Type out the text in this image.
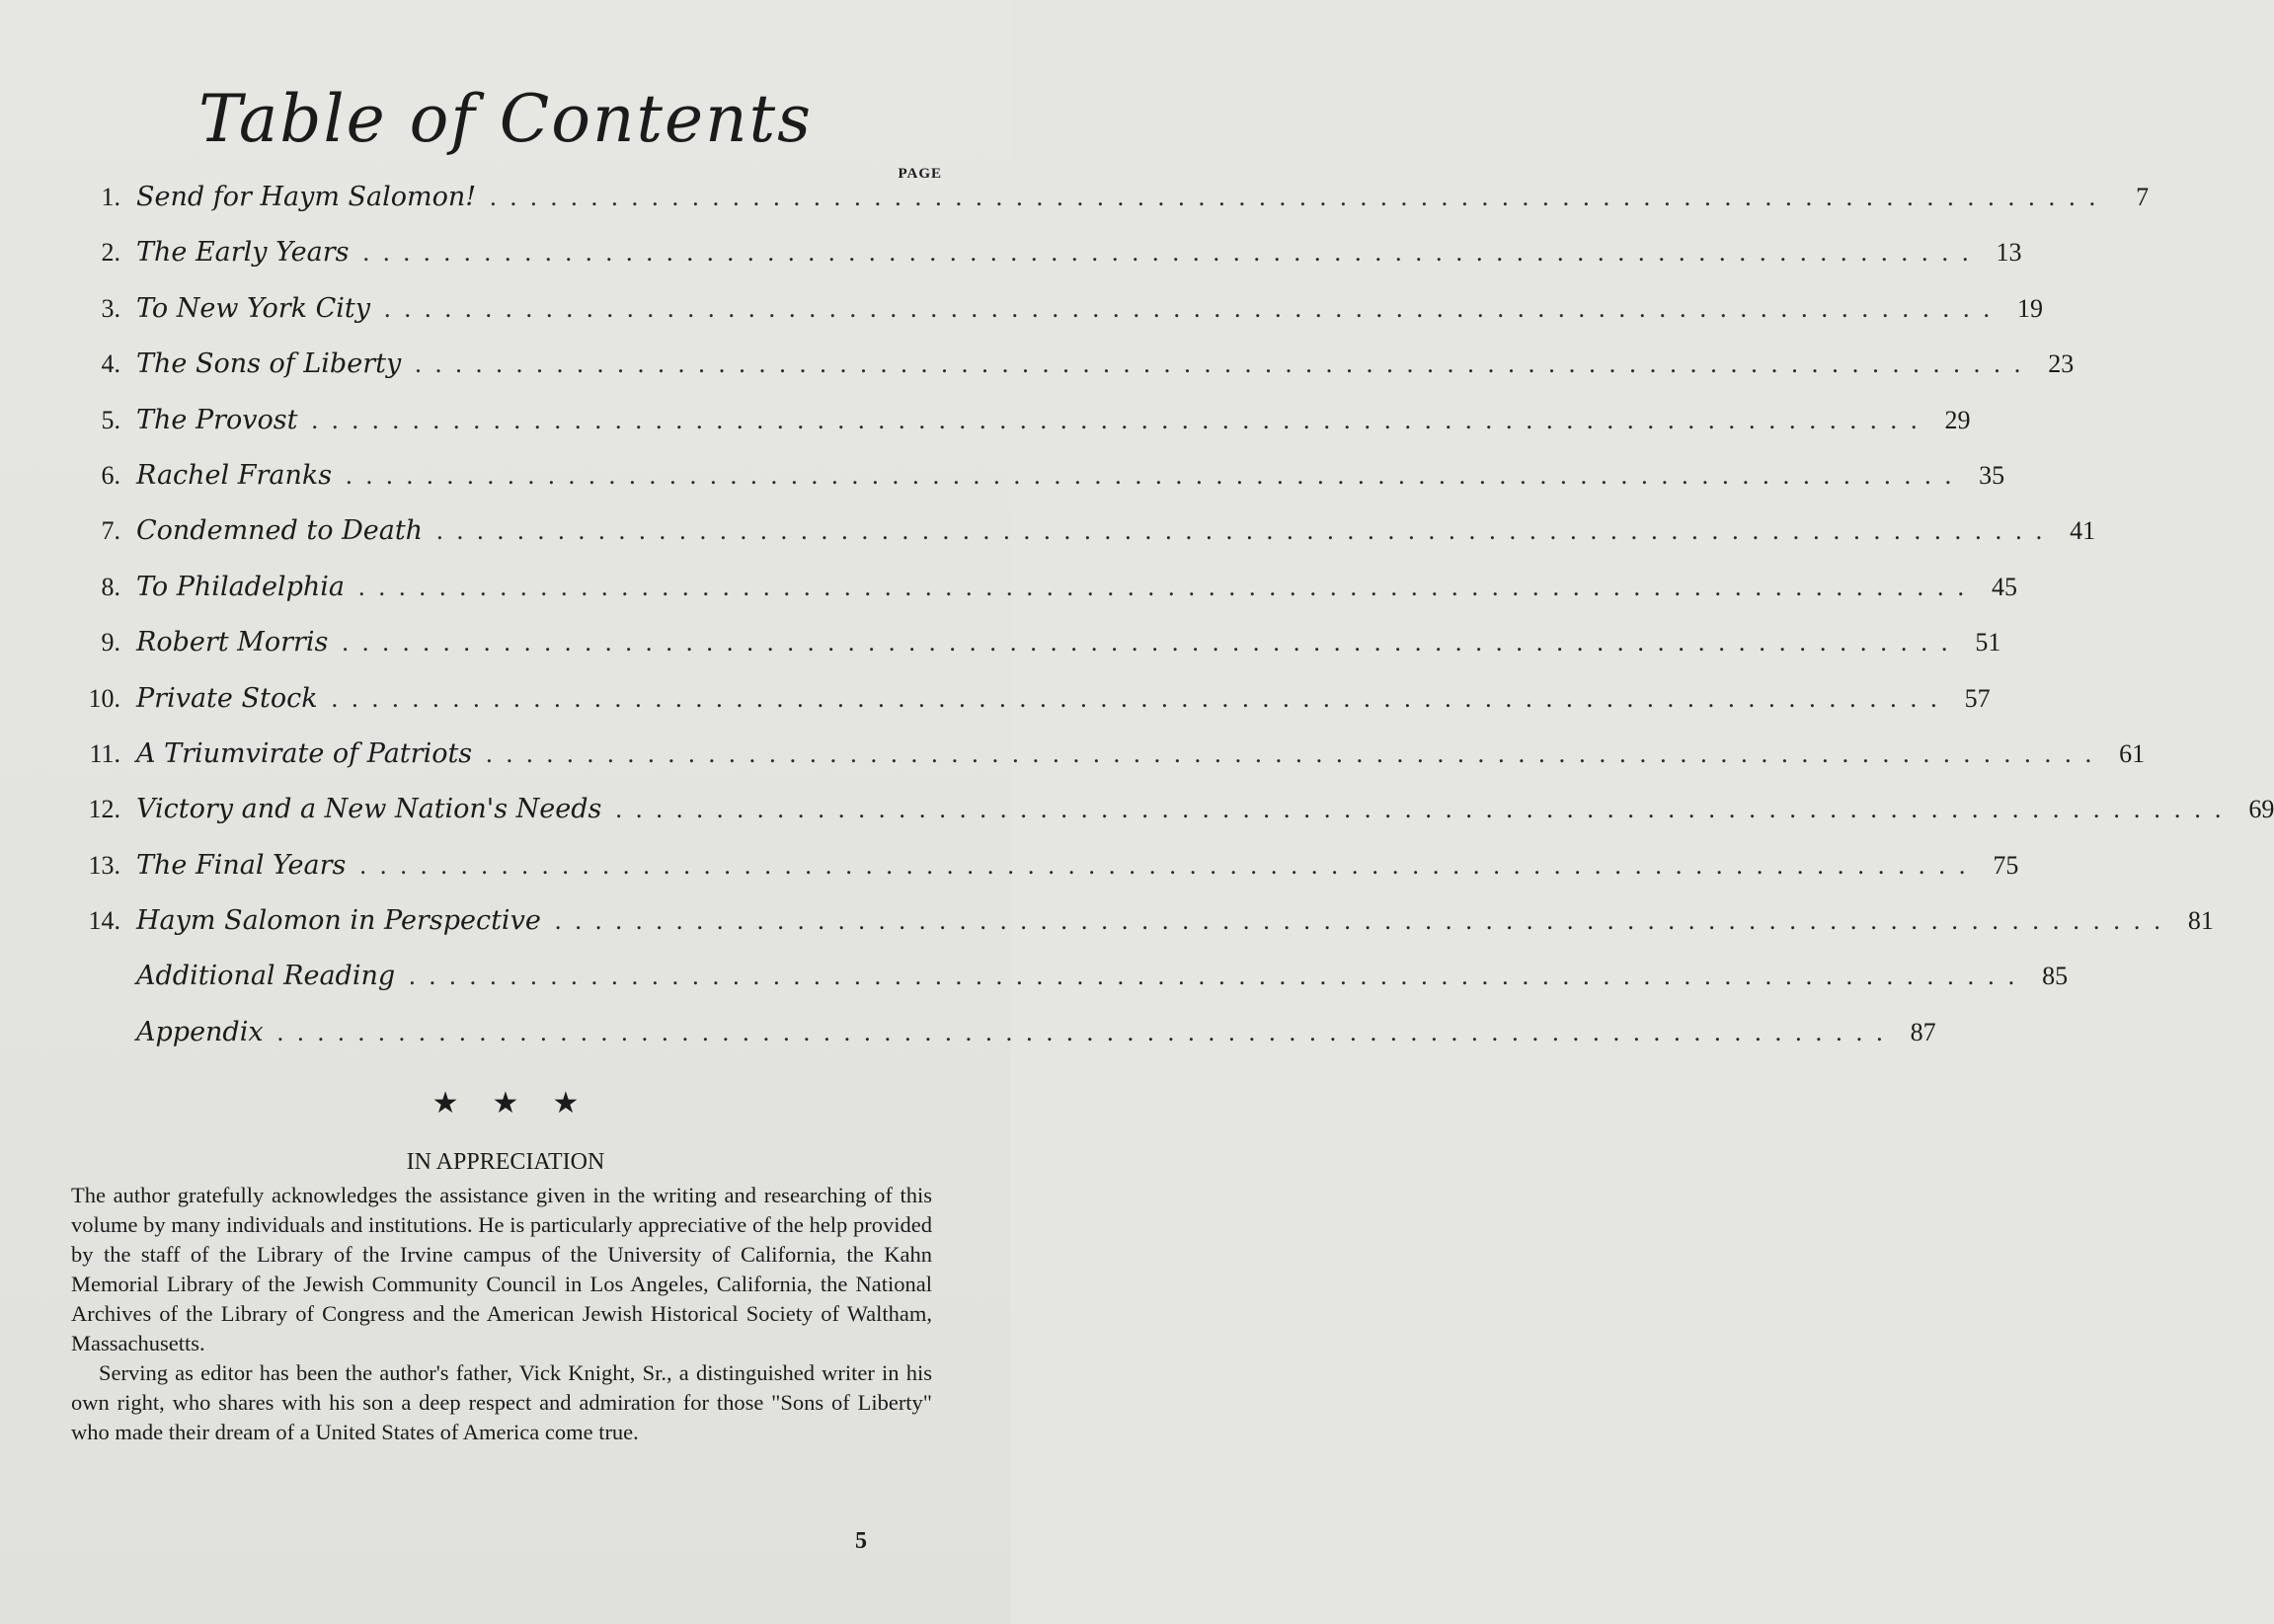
Table of Contents
PAGE
1. Send for Haym Salomon! ................................................................................	7
2. The Early Years ................................................................................ 13
3. To New York City ................................................................................ 19
4. The Sons of Liberty ................................................................................ 23
5. The Provost ................................................................................ 29
6. Rachel Franks ................................................................................ 35
7. Condemned to Death ................................................................................ 41
8. To Philadelphia ................................................................................ 45
9. Robert Morris ................................................................................ 51
10. Private Stock ................................................................................ 57
11. A Triumvirate of Patriots ................................................................................ 61
12. Victory and a New Nation's Needs ................................................................................ 69
13. The Final Years ................................................................................ 75
14. Haym Salomon in Perspective ................................................................................ 81
Additional Reading ................................................................................ 85
Appendix ................................................................................ 87
★★★
IN APPRECIATION

The author gratefully acknowledges the assistance given in the writing and researching of this volume by many individuals and institutions. He is particularly appreciative of the help provided by the staff of the Library of the Irvine campus of the University of California, the Kahn Memorial Library of the Jewish Community Council in Los Angeles, California, the National Archives of the Library of Congress and the American Jewish Historical Society of Waltham, Massachusetts.

Serving as editor has been the author's father, Vick Knight, Sr., a distinguished writer in his own right, who shares with his son a deep respect and admiration for those "Sons of Liberty" who made their dream of a United States of America come true.

5
